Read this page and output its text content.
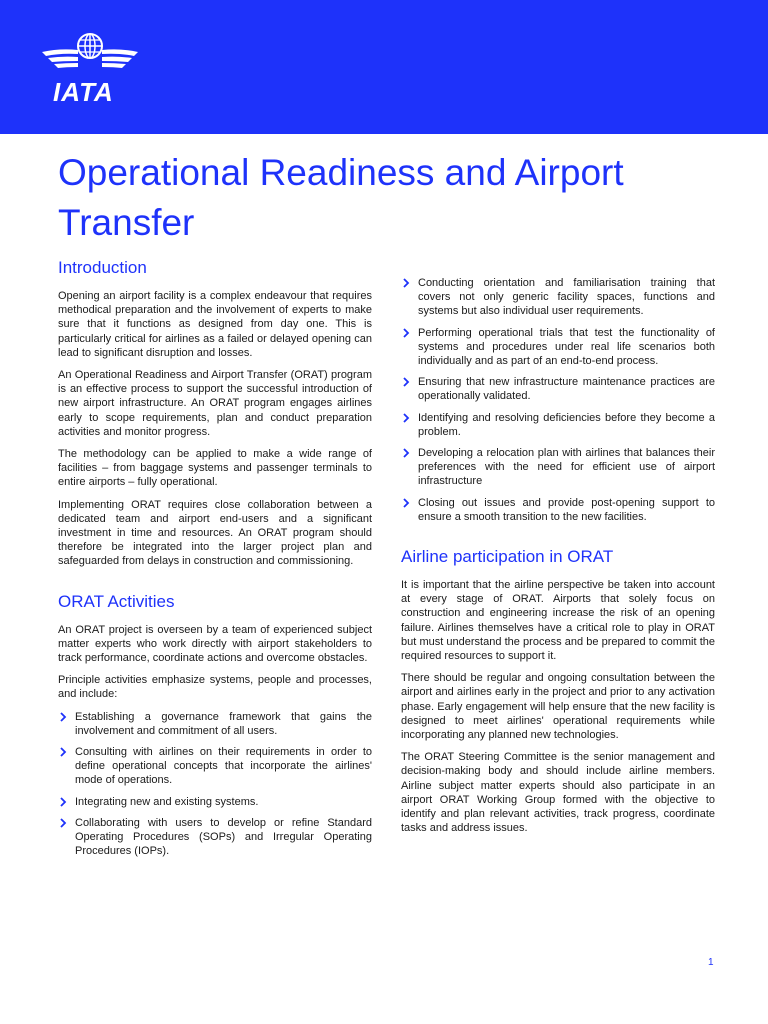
IATA
Operational Readiness and Airport Transfer
Introduction

Opening an airport facility is a complex endeavour that requires methodical preparation and the involvement of experts to make sure that it functions as designed from day one. This is particularly critical for airlines as a failed or delayed opening can lead to significant disruption and losses.

An Operational Readiness and Airport Transfer (ORAT) program is an effective process to support the successful introduction of new airport infrastructure. An ORAT program engages airlines early to scope requirements, plan and conduct preparation activities and monitor progress.

The methodology can be applied to make a wide range of facilities – from baggage systems and passenger terminals to entire airports – fully operational.

Implementing ORAT requires close collaboration between a dedicated team and airport end-users and a significant investment in time and resources. An ORAT program should therefore be integrated into the larger project plan and safeguarded from delays in construction and commissioning.

ORAT Activities

An ORAT project is overseen by a team of experienced subject matter experts who work directly with airport stakeholders to track performance, coordinate actions and overcome obstacles.

Principle activities emphasize systems, people and processes, and include:

Establishing a governance framework that gains the involvement and commitment of all users.
Consulting with airlines on their requirements in order to define operational concepts that incorporate the airlines' mode of operations.
Integrating new and existing systems.
Collaborating with users to develop or refine Standard Operating Procedures (SOPs) and Irregular Operating Procedures (IOPs).
Conducting orientation and familiarisation training that covers not only generic facility spaces, functions and systems but also individual user requirements.
Performing operational trials that test the functionality of systems and procedures under real life scenarios both individually and as part of an end-to-end process.
Ensuring that new infrastructure maintenance practices are operationally validated.
Identifying and resolving deficiencies before they become a problem.
Developing a relocation plan with airlines that balances their preferences with the need for efficient use of airport infrastructure
Closing out issues and provide post-opening support to ensure a smooth transition to the new facilities.
Airline participation in ORAT

It is important that the airline perspective be taken into account at every stage of ORAT. Airports that solely focus on construction and engineering increase the risk of an opening failure. Airlines themselves have a critical role to play in ORAT but must understand the process and be prepared to commit the required resources to support it.

There should be regular and ongoing consultation between the airport and airlines early in the project and prior to any activation phase. Early engagement will help ensure that the new facility is designed to meet airlines' operational requirements while incorporating any planned new technologies.

The ORAT Steering Committee is the senior management and decision-making body and should include airline members. Airline subject matter experts should also participate in an airport ORAT Working Group formed with the objective to identify and plan relevant activities, track progress, coordinate tasks and address issues.

1
